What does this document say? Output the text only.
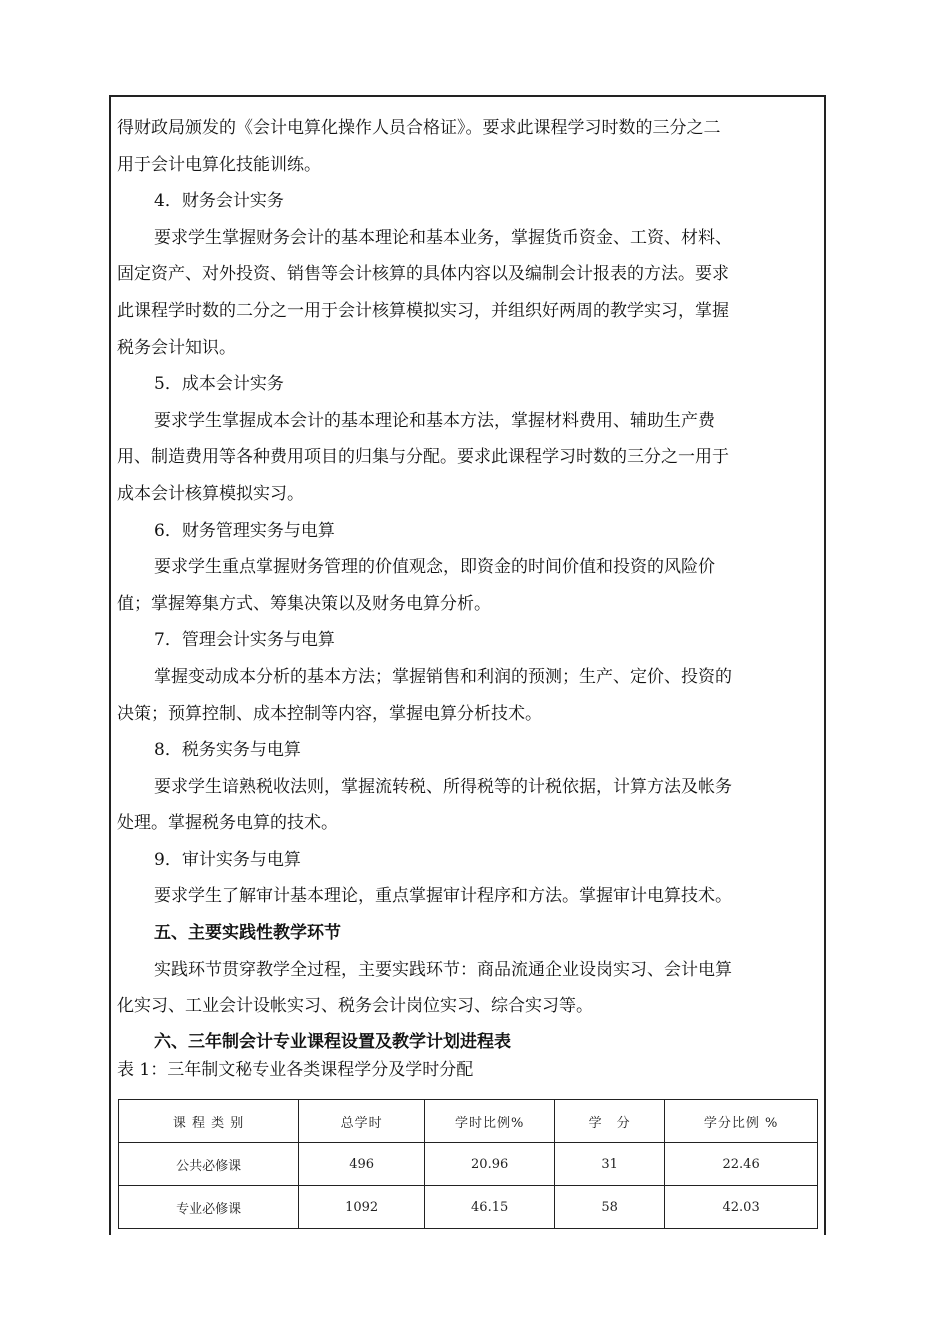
得财政局颁发的《会计电算化操作人员合格证》。要求此课程学习时数的三分之二

用于会计电算化技能训练。

4．财务会计实务

要求学生掌握财务会计的基本理论和基本业务，掌握货币资金、工资、材料、

固定资产、对外投资、销售等会计核算的具体内容以及编制会计报表的方法。要求

此课程学时数的二分之一用于会计核算模拟实习，并组织好两周的教学实习，掌握

税务会计知识。

5．成本会计实务

要求学生掌握成本会计的基本理论和基本方法，掌握材料费用、辅助生产费

用、制造费用等各种费用项目的归集与分配。要求此课程学习时数的三分之一用于

成本会计核算模拟实习。

6．财务管理实务与电算

要求学生重点掌握财务管理的价值观念，即资金的时间价值和投资的风险价

值；掌握筹集方式、筹集决策以及财务电算分析。

7．管理会计实务与电算

掌握变动成本分析的基本方法；掌握销售和利润的预测；生产、定价、投资的

决策；预算控制、成本控制等内容，掌握电算分析技术。

8．税务实务与电算

要求学生谙熟税收法则，掌握流转税、所得税等的计税依据，计算方法及帐务

处理。掌握税务电算的技术。

9．审计实务与电算

要求学生了解审计基本理论，重点掌握审计程序和方法。掌握审计电算技术。

五、主要实践性教学环节

实践环节贯穿教学全过程，主要实践环节：商品流通企业设岗实习、会计电算

化实习、工业会计设帐实习、税务会计岗位实习、综合实习等。

六、三年制会计专业课程设置及教学计划进程表

表 1：三年制文秘专业各类课程学分及学时分配

课 程 类 别	总学时	学时比例%	学　分	学分比例 %
公共必修课	496	20.96	31	22.46
专业必修课	1092	46.15	58	42.03
